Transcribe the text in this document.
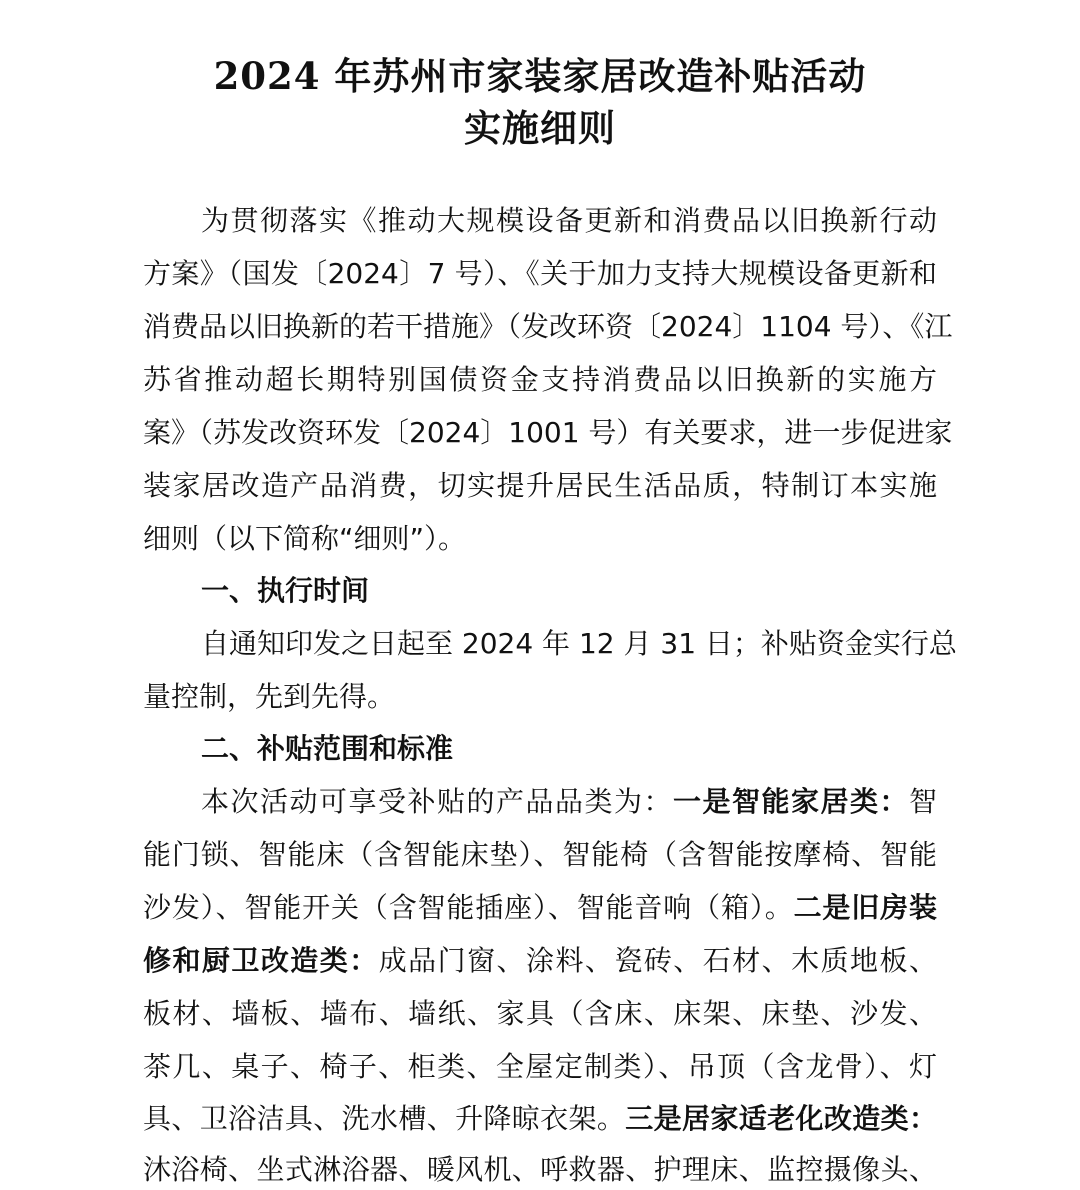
2024 年苏州市家装家居改造补贴活动
实施细则
为贯彻落实《推动大规模设备更新和消费品以旧换新行动
方案》（国发〔2024〕7 号）、《关于加力支持大规模设备更新和
消费品以旧换新的若干措施》（发改环资〔2024〕1104 号）、《江
苏省推动超长期特别国债资金支持消费品以旧换新的实施方
案》（苏发改资环发〔2024〕1001 号）有关要求，进一步促进家
装家居改造产品消费，切实提升居民生活品质，特制订本实施
细则（以下简称“细则”）。
一、执行时间
自通知印发之日起至 2024 年 12 月 31 日；补贴资金实行总
量控制，先到先得。
二、补贴范围和标准
本次活动可享受补贴的产品品类为：一是智能家居类：智
能门锁、智能床（含智能床垫）、智能椅（含智能按摩椅、智能
沙发）、智能开关（含智能插座）、智能音响（箱）。二是旧房装
修和厨卫改造类：成品门窗、涂料、瓷砖、石材、木质地板、
板材、墙板、墙布、墙纸、家具（含床、床架、床垫、沙发、
茶几、桌子、椅子、柜类、全屋定制类）、吊顶（含龙骨）、灯
具、卫浴洁具、洗水槽、升降晾衣架。三是居家适老化改造类：
沐浴椅、坐式淋浴器、暖风机、呼救器、护理床、监控摄像头、
